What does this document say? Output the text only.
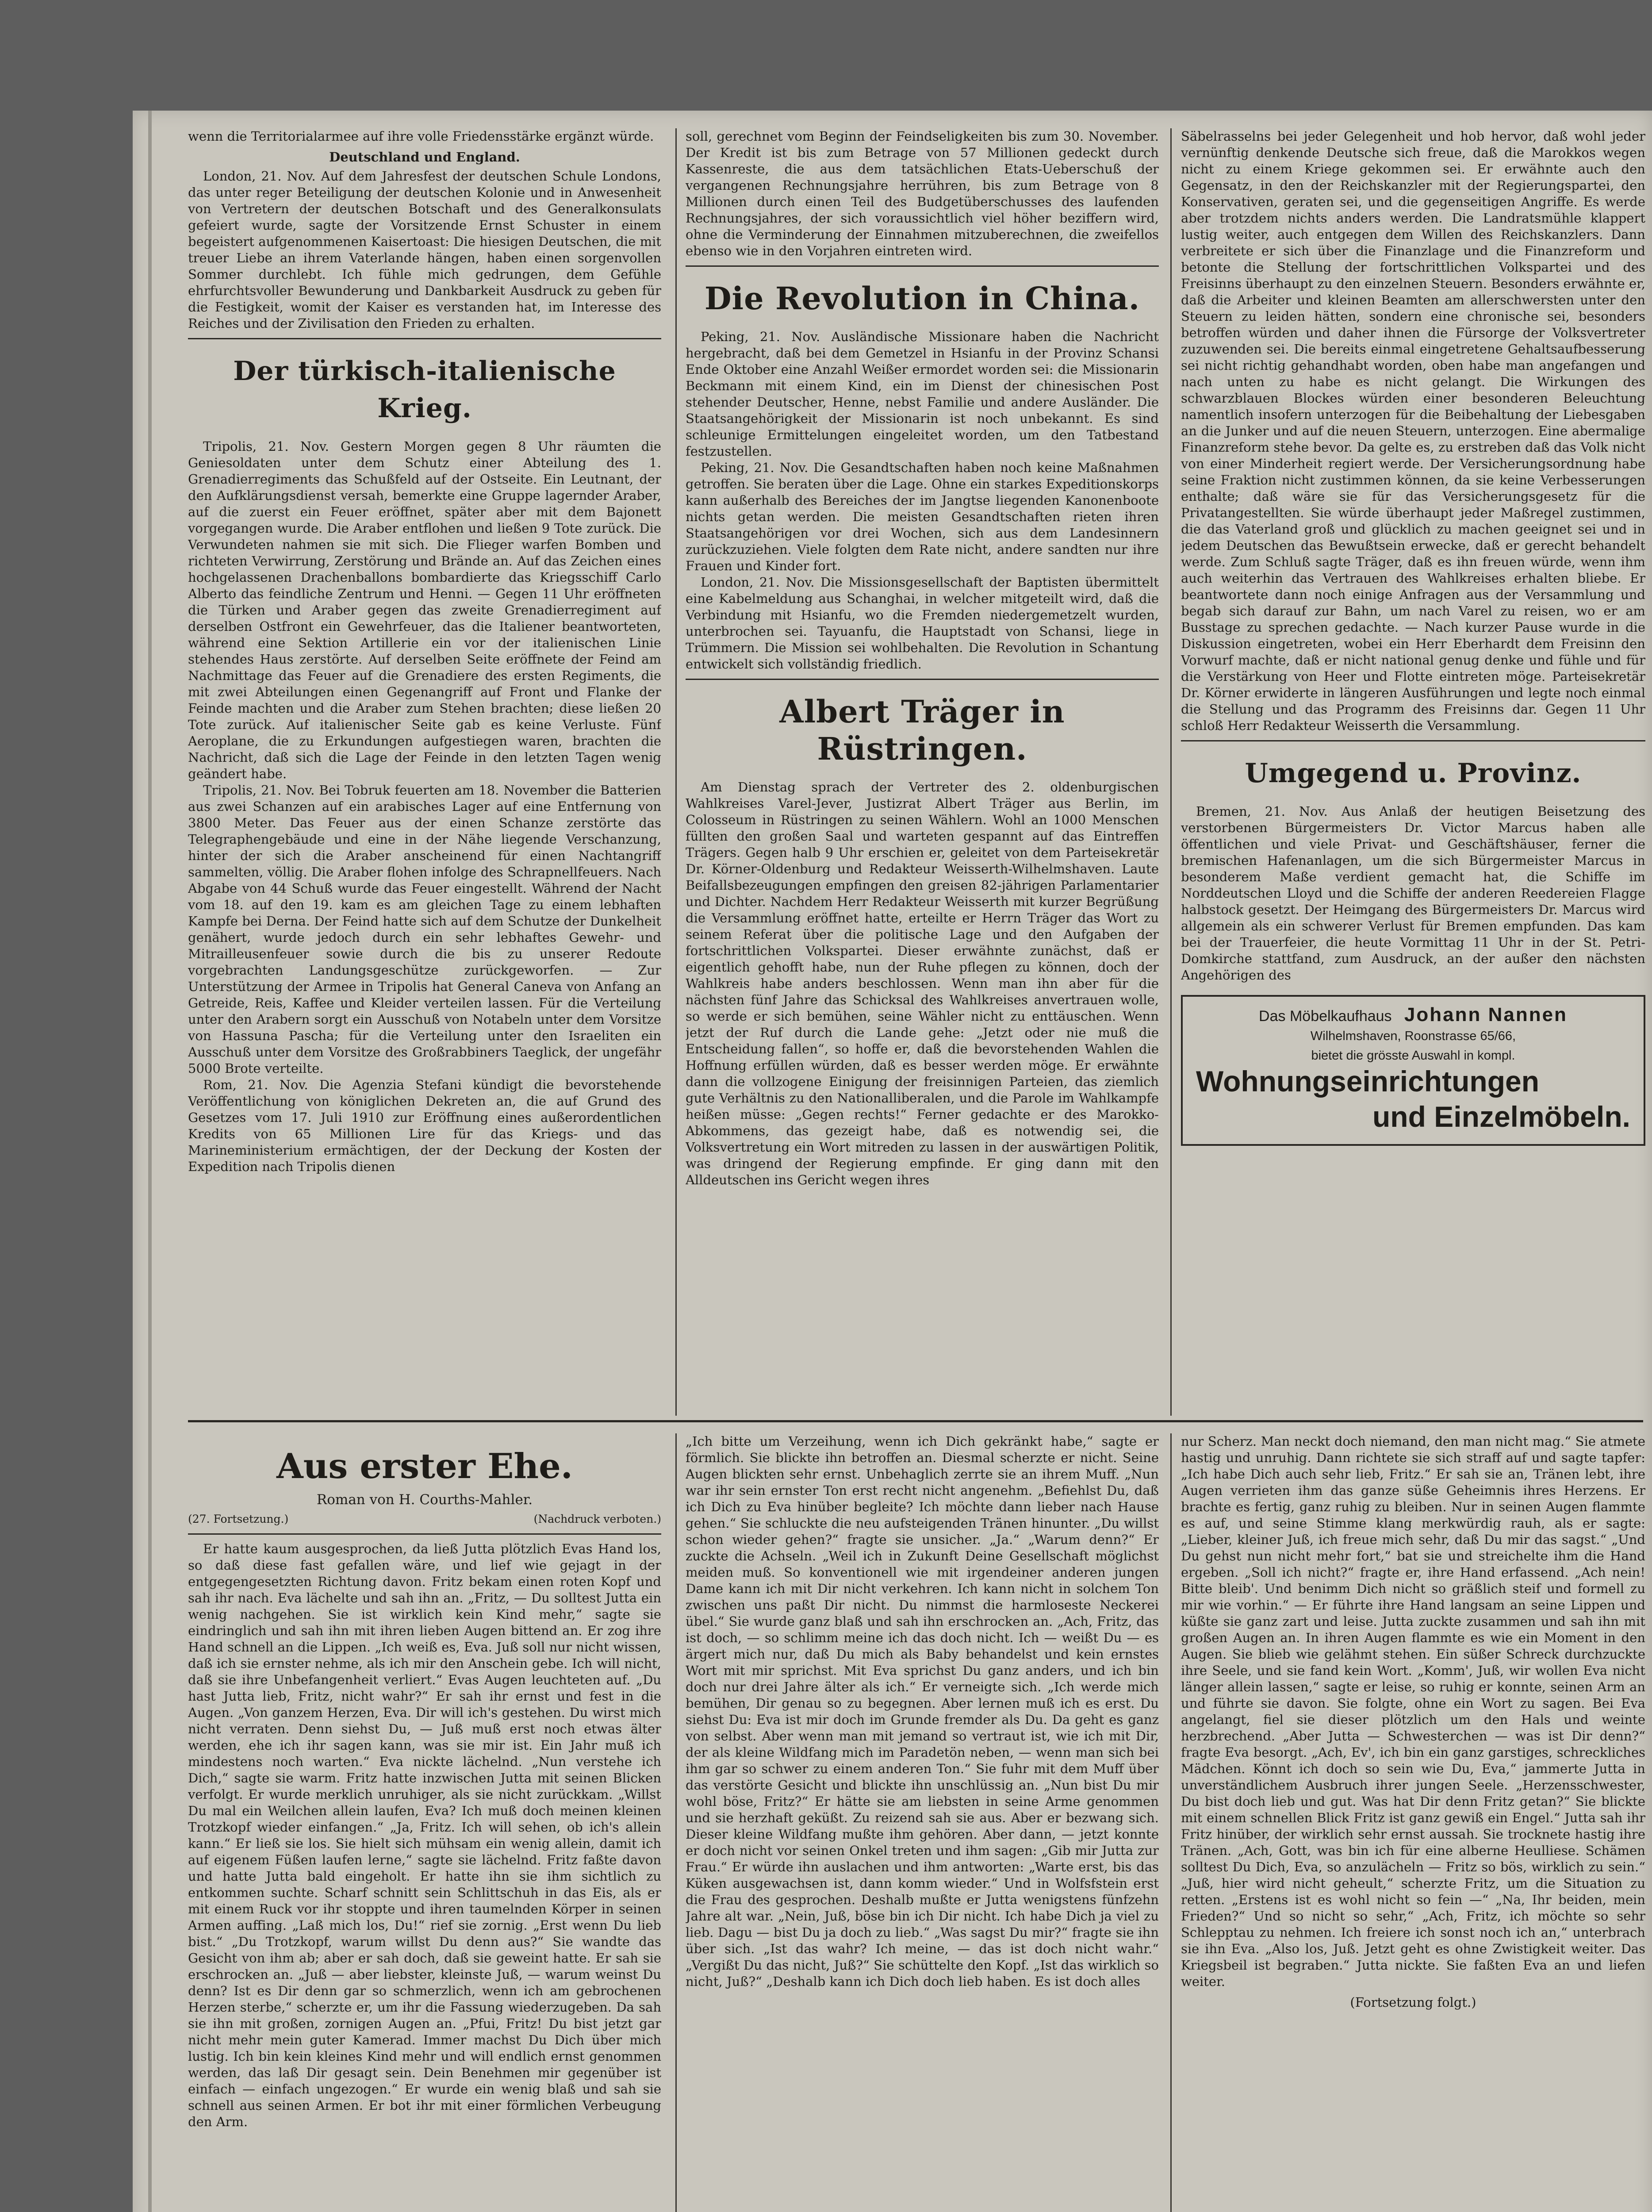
wenn die Territorialarmee auf ihre volle Friedensstärke ergänzt würde.

Deutschland und England.

London, 21. Nov. Auf dem Jahresfest der deutschen Schule Londons, das unter reger Beteiligung der deutschen Kolonie und in Anwesenheit von Vertretern der deutschen Botschaft und des Generalkonsulats gefeiert wurde, sagte der Vorsitzende Ernst Schuster in einem begeistert aufgenommenen Kaisertoast: Die hiesigen Deutschen, die mit treuer Liebe an ihrem Vaterlande hängen, haben einen sorgenvollen Sommer durchlebt. Ich fühle mich gedrungen, dem Gefühle ehrfurchtsvoller Bewunderung und Dankbarkeit Ausdruck zu geben für die Festigkeit, womit der Kaiser es verstanden hat, im Interesse des Reiches und der Zivilisation den Frieden zu erhalten.

Der türkisch-italienische Krieg.

Tripolis, 21. Nov. Gestern Morgen gegen 8 Uhr räumten die Geniesoldaten unter dem Schutz einer Abteilung des 1. Grenadierregiments das Schußfeld auf der Ostseite. Ein Leutnant, der den Aufklärungsdienst versah, bemerkte eine Gruppe lagernder Araber, auf die zuerst ein Feuer eröffnet, später aber mit dem Bajonett vorgegangen wurde. Die Araber entflohen und ließen 9 Tote zurück. Die Verwundeten nahmen sie mit sich. Die Flieger warfen Bomben und richteten Verwirrung, Zerstörung und Brände an. Auf das Zeichen eines hochgelassenen Drachenballons bombardierte das Kriegsschiff Carlo Alberto das feindliche Zentrum und Henni. — Gegen 11 Uhr eröffneten die Türken und Araber gegen das zweite Grenadierregiment auf derselben Ostfront ein Gewehrfeuer, das die Italiener beantworteten, während eine Sektion Artillerie ein vor der italienischen Linie stehendes Haus zerstörte. Auf derselben Seite eröffnete der Feind am Nachmittage das Feuer auf die Grenadiere des ersten Regiments, die mit zwei Abteilungen einen Gegenangriff auf Front und Flanke der Feinde machten und die Araber zum Stehen brachten; diese ließen 20 Tote zurück. Auf italienischer Seite gab es keine Verluste. Fünf Aeroplane, die zu Erkundungen aufgestiegen waren, brachten die Nachricht, daß sich die Lage der Feinde in den letzten Tagen wenig geändert habe.

Tripolis, 21. Nov. Bei Tobruk feuerten am 18. November die Batterien aus zwei Schanzen auf ein arabisches Lager auf eine Entfernung von 3800 Meter. Das Feuer aus der einen Schanze zerstörte das Telegraphengebäude und eine in der Nähe liegende Verschanzung, hinter der sich die Araber anscheinend für einen Nachtangriff sammelten, völlig. Die Araber flohen infolge des Schrapnellfeuers. Nach Abgabe von 44 Schuß wurde das Feuer eingestellt. Während der Nacht vom 18. auf den 19. kam es am gleichen Tage zu einem lebhaften Kampfe bei Derna. Der Feind hatte sich auf dem Schutze der Dunkelheit genähert, wurde jedoch durch ein sehr lebhaftes Gewehr- und Mitrailleusenfeuer sowie durch die bis zu unserer Redoute vorgebrachten Landungsgeschütze zurückgeworfen. — Zur Unterstützung der Armee in Tripolis hat General Caneva von Anfang an Getreide, Reis, Kaffee und Kleider verteilen lassen. Für die Verteilung unter den Arabern sorgt ein Ausschuß von Notabeln unter dem Vorsitze von Hassuna Pascha; für die Verteilung unter den Israeliten ein Ausschuß unter dem Vorsitze des Großrabbiners Taeglick, der ungefähr 5000 Brote verteilte.

Rom, 21. Nov. Die Agenzia Stefani kündigt die bevorstehende Veröffentlichung von königlichen Dekreten an, die auf Grund des Gesetzes vom 17. Juli 1910 zur Eröffnung eines außerordentlichen Kredits von 65 Millionen Lire für das Kriegs- und das Marineministerium ermächtigen, der der Deckung der Kosten der Expedition nach Tripolis dienen

soll, gerechnet vom Beginn der Feindseligkeiten bis zum 30. November. Der Kredit ist bis zum Betrage von 57 Millionen gedeckt durch Kassenreste, die aus dem tatsächlichen Etats-Ueberschuß der vergangenen Rechnungsjahre herrühren, bis zum Betrage von 8 Millionen durch einen Teil des Budgetüberschusses des laufenden Rechnungsjahres, der sich voraussichtlich viel höher beziffern wird, ohne die Verminderung der Einnahmen mitzuberechnen, die zweifellos ebenso wie in den Vorjahren eintreten wird.

Die Revolution in China.

Peking, 21. Nov. Ausländische Missionare haben die Nachricht hergebracht, daß bei dem Gemetzel in Hsianfu in der Provinz Schansi Ende Oktober eine Anzahl Weißer ermordet worden sei: die Missionarin Beckmann mit einem Kind, ein im Dienst der chinesischen Post stehender Deutscher, Henne, nebst Familie und andere Ausländer. Die Staatsangehörigkeit der Missionarin ist noch unbekannt. Es sind schleunige Ermittelungen eingeleitet worden, um den Tatbestand festzustellen.

Peking, 21. Nov. Die Gesandtschaften haben noch keine Maßnahmen getroffen. Sie beraten über die Lage. Ohne ein starkes Expeditionskorps kann außerhalb des Bereiches der im Jangtse liegenden Kanonenboote nichts getan werden. Die meisten Gesandtschaften rieten ihren Staatsangehörigen vor drei Wochen, sich aus dem Landesinnern zurückzuziehen. Viele folgten dem Rate nicht, andere sandten nur ihre Frauen und Kinder fort.

London, 21. Nov. Die Missionsgesellschaft der Baptisten übermittelt eine Kabelmeldung aus Schanghai, in welcher mitgeteilt wird, daß die Verbindung mit Hsianfu, wo die Fremden niedergemetzelt wurden, unterbrochen sei. Tayuanfu, die Hauptstadt von Schansi, liege in Trümmern. Die Mission sei wohlbehalten. Die Revolution in Schantung entwickelt sich vollständig friedlich.

Albert Träger in Rüstringen.

Am Dienstag sprach der Vertreter des 2. oldenburgischen Wahlkreises Varel-Jever, Justizrat Albert Träger aus Berlin, im Colosseum in Rüstringen zu seinen Wählern. Wohl an 1000 Menschen füllten den großen Saal und warteten gespannt auf das Eintreffen Trägers. Gegen halb 9 Uhr erschien er, geleitet von dem Parteisekretär Dr. Körner-Oldenburg und Redakteur Weisserth-Wilhelmshaven. Laute Beifallsbezeugungen empfingen den greisen 82-jährigen Parlamentarier und Dichter. Nachdem Herr Redakteur Weisserth mit kurzer Begrüßung die Versammlung eröffnet hatte, erteilte er Herrn Träger das Wort zu seinem Referat über die politische Lage und den Aufgaben der fortschrittlichen Volkspartei. Dieser erwähnte zunächst, daß er eigentlich gehofft habe, nun der Ruhe pflegen zu können, doch der Wahlkreis habe anders beschlossen. Wenn man ihn aber für die nächsten fünf Jahre das Schicksal des Wahlkreises anvertrauen wolle, so werde er sich bemühen, seine Wähler nicht zu enttäuschen. Wenn jetzt der Ruf durch die Lande gehe: „Jetzt oder nie muß die Entscheidung fallen“, so hoffe er, daß die bevorstehenden Wahlen die Hoffnung erfüllen würden, daß es besser werden möge. Er erwähnte dann die vollzogene Einigung der freisinnigen Parteien, das ziemlich gute Verhältnis zu den Nationalliberalen, und die Parole im Wahlkampfe heißen müsse: „Gegen rechts!“ Ferner gedachte er des Marokko-Abkommens, das gezeigt habe, daß es notwendig sei, die Volksvertretung ein Wort mitreden zu lassen in der auswärtigen Politik, was dringend der Regierung empfinde. Er ging dann mit den Alldeutschen ins Gericht wegen ihres

Säbelrasselns bei jeder Gelegenheit und hob hervor, daß wohl jeder vernünftig denkende Deutsche sich freue, daß die Marokkos wegen nicht zu einem Kriege gekommen sei. Er erwähnte auch den Gegensatz, in den der Reichskanzler mit der Regierungspartei, den Konservativen, geraten sei, und die gegenseitigen Angriffe. Es werde aber trotzdem nichts anders werden. Die Landratsmühle klappert lustig weiter, auch entgegen dem Willen des Reichskanzlers. Dann verbreitete er sich über die Finanzlage und die Finanzreform und betonte die Stellung der fortschrittlichen Volkspartei und des Freisinns überhaupt zu den einzelnen Steuern. Besonders erwähnte er, daß die Arbeiter und kleinen Beamten am allerschwersten unter den Steuern zu leiden hätten, sondern eine chronische sei, besonders betroffen würden und daher ihnen die Fürsorge der Volksvertreter zuzuwenden sei. Die bereits einmal eingetretene Gehaltsaufbesserung sei nicht richtig gehandhabt worden, oben habe man angefangen und nach unten zu habe es nicht gelangt. Die Wirkungen des schwarzblauen Blockes würden einer besonderen Beleuchtung namentlich insofern unterzogen für die Beibehaltung der Liebesgaben an die Junker und auf die neuen Steuern, unterzogen. Eine abermalige Finanzreform stehe bevor. Da gelte es, zu erstreben daß das Volk nicht von einer Minderheit regiert werde. Der Versicherungsordnung habe seine Fraktion nicht zustimmen können, da sie keine Verbesserungen enthalte; daß wäre sie für das Versicherungsgesetz für die Privatangestellten. Sie würde überhaupt jeder Maßregel zustimmen, die das Vaterland groß und glücklich zu machen geeignet sei und in jedem Deutschen das Bewußtsein erwecke, daß er gerecht behandelt werde. Zum Schluß sagte Träger, daß es ihn freuen würde, wenn ihm auch weiterhin das Vertrauen des Wahlkreises erhalten bliebe. Er beantwortete dann noch einige Anfragen aus der Versammlung und begab sich darauf zur Bahn, um nach Varel zu reisen, wo er am Busstage zu sprechen gedachte. — Nach kurzer Pause wurde in die Diskussion eingetreten, wobei ein Herr Eberhardt dem Freisinn den Vorwurf machte, daß er nicht national genug denke und fühle und für die Verstärkung von Heer und Flotte eintreten möge. Parteisekretär Dr. Körner erwiderte in längeren Ausführungen und legte noch einmal die Stellung und das Programm des Freisinns dar. Gegen 11 Uhr schloß Herr Redakteur Weisserth die Versammlung.

Umgegend u. Provinz.

Bremen, 21. Nov. Aus Anlaß der heutigen Beisetzung des verstorbenen Bürgermeisters Dr. Victor Marcus haben alle öffentlichen und viele Privat- und Geschäftshäuser, ferner die bremischen Hafenanlagen, um die sich Bürgermeister Marcus in besonderem Maße verdient gemacht hat, die Schiffe im Norddeutschen Lloyd und die Schiffe der anderen Reedereien Flagge halbstock gesetzt. Der Heimgang des Bürgermeisters Dr. Marcus wird allgemein als ein schwerer Verlust für Bremen empfunden. Das kam bei der Trauerfeier, die heute Vormittag 11 Uhr in der St. Petri-Domkirche stattfand, zum Ausdruck, an der außer den nächsten Angehörigen des

Das Möbelkaufhaus Johann Nannen
Wilhelmshaven, Roonstrasse 65/66,
bietet die grösste Auswahl in kompl.
Wohnungseinrichtungen
und Einzelmöbeln.
Aus erster Ehe.
Roman von H. Courths-Mahler.
(27. Fortsetzung.)	(Nachdruck verboten.)

Er hatte kaum ausgesprochen, da ließ Jutta plötzlich Evas Hand los, so daß diese fast gefallen wäre, und lief wie gejagt in der entgegengesetzten Richtung davon. Fritz bekam einen roten Kopf und sah ihr nach. Eva lächelte und sah ihn an. „Fritz, — Du solltest Jutta ein wenig nachgehen. Sie ist wirklich kein Kind mehr,“ sagte sie eindringlich und sah ihn mit ihren lieben Augen bittend an. Er zog ihre Hand schnell an die Lippen. „Ich weiß es, Eva. Juß soll nur nicht wissen, daß ich sie ernster nehme, als ich mir den Anschein gebe. Ich will nicht, daß sie ihre Unbefangenheit verliert.“ Evas Augen leuchteten auf. „Du hast Jutta lieb, Fritz, nicht wahr?“ Er sah ihr ernst und fest in die Augen. „Von ganzem Herzen, Eva. Dir will ich's gestehen. Du wirst mich nicht verraten. Denn siehst Du, — Juß muß erst noch etwas älter werden, ehe ich ihr sagen kann, was sie mir ist. Ein Jahr muß ich mindestens noch warten.“ Eva nickte lächelnd. „Nun verstehe ich Dich,“ sagte sie warm. Fritz hatte inzwischen Jutta mit seinen Blicken verfolgt. Er wurde merklich unruhiger, als sie nicht zurückkam. „Willst Du mal ein Weilchen allein laufen, Eva? Ich muß doch meinen kleinen Trotzkopf wieder einfangen.“ „Ja, Fritz. Ich will sehen, ob ich's allein kann.“ Er ließ sie los. Sie hielt sich mühsam ein wenig allein, damit ich auf eigenem Füßen laufen lerne,“ sagte sie lächelnd. Fritz faßte davon und hatte Jutta bald eingeholt. Er hatte ihn sie ihm sichtlich zu entkommen suchte. Scharf schnitt sein Schlittschuh in das Eis, als er mit einem Ruck vor ihr stoppte und ihren taumelnden Körper in seinen Armen auffing. „Laß mich los, Du!“ rief sie zornig. „Erst wenn Du lieb bist.“ „Du Trotzkopf, warum willst Du denn aus?“ Sie wandte das Gesicht von ihm ab; aber er sah doch, daß sie geweint hatte. Er sah sie erschrocken an. „Juß — aber liebster, kleinste Juß, — warum weinst Du denn? Ist es Dir denn gar so schmerzlich, wenn ich am gebrochenen Herzen sterbe,“ scherzte er, um ihr die Fassung wiederzugeben. Da sah sie ihn mit großen, zornigen Augen an. „Pfui, Fritz! Du bist jetzt gar nicht mehr mein guter Kamerad. Immer machst Du Dich über mich lustig. Ich bin kein kleines Kind mehr und will endlich ernst genommen werden, das laß Dir gesagt sein. Dein Benehmen mir gegenüber ist einfach — einfach ungezogen.“ Er wurde ein wenig blaß und sah sie schnell aus seinen Armen. Er bot ihr mit einer förmlichen Verbeugung den Arm.

„Ich bitte um Verzeihung, wenn ich Dich gekränkt habe,“ sagte er förmlich. Sie blickte ihn betroffen an. Diesmal scherzte er nicht. Seine Augen blickten sehr ernst. Unbehaglich zerrte sie an ihrem Muff. „Nun war ihr sein ernster Ton erst recht nicht angenehm. „Befiehlst Du, daß ich Dich zu Eva hinüber begleite? Ich möchte dann lieber nach Hause gehen.“ Sie schluckte die neu aufsteigenden Tränen hinunter. „Du willst schon wieder gehen?“ fragte sie unsicher. „Ja.“ „Warum denn?“ Er zuckte die Achseln. „Weil ich in Zukunft Deine Gesellschaft möglichst meiden muß. So konventionell wie mit irgendeiner anderen jungen Dame kann ich mit Dir nicht verkehren. Ich kann nicht in solchem Ton zwischen uns paßt Dir nicht. Du nimmst die harmloseste Neckerei übel.“ Sie wurde ganz blaß und sah ihn erschrocken an. „Ach, Fritz, das ist doch, — so schlimm meine ich das doch nicht. Ich — weißt Du — es ärgert mich nur, daß Du mich als Baby behandelst und kein ernstes Wort mit mir sprichst. Mit Eva sprichst Du ganz anders, und ich bin doch nur drei Jahre älter als ich.“ Er verneigte sich. „Ich werde mich bemühen, Dir genau so zu begegnen. Aber lernen muß ich es erst. Du siehst Du: Eva ist mir doch im Grunde fremder als Du. Da geht es ganz von selbst. Aber wenn man mit jemand so vertraut ist, wie ich mit Dir, der als kleine Wildfang mich im Paradetön neben, — wenn man sich bei ihm gar so schwer zu einem anderen Ton.“ Sie fuhr mit dem Muff über das verstörte Gesicht und blickte ihn unschlüssig an. „Nun bist Du mir wohl böse, Fritz?“ Er hätte sie am liebsten in seine Arme genommen und sie herzhaft geküßt. Zu reizend sah sie aus. Aber er bezwang sich. Dieser kleine Wildfang mußte ihm gehören. Aber dann, — jetzt konnte er doch nicht vor seinen Onkel treten und ihm sagen: „Gib mir Jutta zur Frau.“ Er würde ihn auslachen und ihm antworten: „Warte erst, bis das Küken ausgewachsen ist, dann komm wieder.“ Und in Wolfsfstein erst die Frau des gesprochen. Deshalb mußte er Jutta wenigstens fünfzehn Jahre alt war. „Nein, Juß, böse bin ich Dir nicht. Ich habe Dich ja viel zu lieb. Dagu — bist Du ja doch zu lieb.“ „Was sagst Du mir?“ fragte sie ihn über sich. „Ist das wahr? Ich meine, — das ist doch nicht wahr.“ „Vergißt Du das nicht, Juß?“ Sie schüttelte den Kopf. „Ist das wirklich so nicht, Juß?“ „Deshalb kann ich Dich doch lieb haben. Es ist doch alles

nur Scherz. Man neckt doch niemand, den man nicht mag.“ Sie atmete hastig und unruhig. Dann richtete sie sich straff auf und sagte tapfer: „Ich habe Dich auch sehr lieb, Fritz.“ Er sah sie an, Tränen lebt, ihre Augen verrieten ihm das ganze süße Geheimnis ihres Herzens. Er brachte es fertig, ganz ruhig zu bleiben. Nur in seinen Augen flammte es auf, und seine Stimme klang merkwürdig rauh, als er sagte: „Lieber, kleiner Juß, ich freue mich sehr, daß Du mir das sagst.“ „Und Du gehst nun nicht mehr fort,“ bat sie und streichelte ihm die Hand ergeben. „Soll ich nicht?“ fragte er, ihre Hand erfassend. „Ach nein! Bitte bleib'. Und benimm Dich nicht so gräßlich steif und formell zu mir wie vorhin.“ — Er führte ihre Hand langsam an seine Lippen und küßte sie ganz zart und leise. Jutta zuckte zusammen und sah ihn mit großen Augen an. In ihren Augen flammte es wie ein Moment in den Augen. Sie blieb wie gelähmt stehen. Ein süßer Schreck durchzuckte ihre Seele, und sie fand kein Wort. „Komm', Juß, wir wollen Eva nicht länger allein lassen,“ sagte er leise, so ruhig er konnte, seinen Arm an und führte sie davon. Sie folgte, ohne ein Wort zu sagen. Bei Eva angelangt, fiel sie dieser plötzlich um den Hals und weinte herzbrechend. „Aber Jutta — Schwesterchen — was ist Dir denn?“ fragte Eva besorgt. „Ach, Ev', ich bin ein ganz garstiges, schreckliches Mädchen. Könnt ich doch so sein wie Du, Eva,“ jammerte Jutta in unverständlichem Ausbruch ihrer jungen Seele. „Herzensschwester, Du bist doch lieb und gut. Was hat Dir denn Fritz getan?“ Sie blickte mit einem schnellen Blick Fritz ist ganz gewiß ein Engel.“ Jutta sah ihr Fritz hinüber, der wirklich sehr ernst aussah. Sie trocknete hastig ihre Tränen. „Ach, Gott, was bin ich für eine alberne Heulliese. Schämen solltest Du Dich, Eva, so anzulächeln — Fritz so bös, wirklich zu sein.“ „Juß, hier wird nicht geheult,“ scherzte Fritz, um die Situation zu retten. „Erstens ist es wohl nicht so fein —“ „Na, Ihr beiden, mein Frieden?“ Und so nicht so sehr,“ „Ach, Fritz, ich möchte so sehr Schlepptau zu nehmen. Ich freiere ich sonst noch ich an,“ unterbrach sie ihn Eva. „Also los, Juß. Jetzt geht es ohne Zwistigkeit weiter. Das Kriegsbeil ist begraben.“ Jutta nickte. Sie faßten Eva an und liefen weiter.

(Fortsetzung folgt.)
